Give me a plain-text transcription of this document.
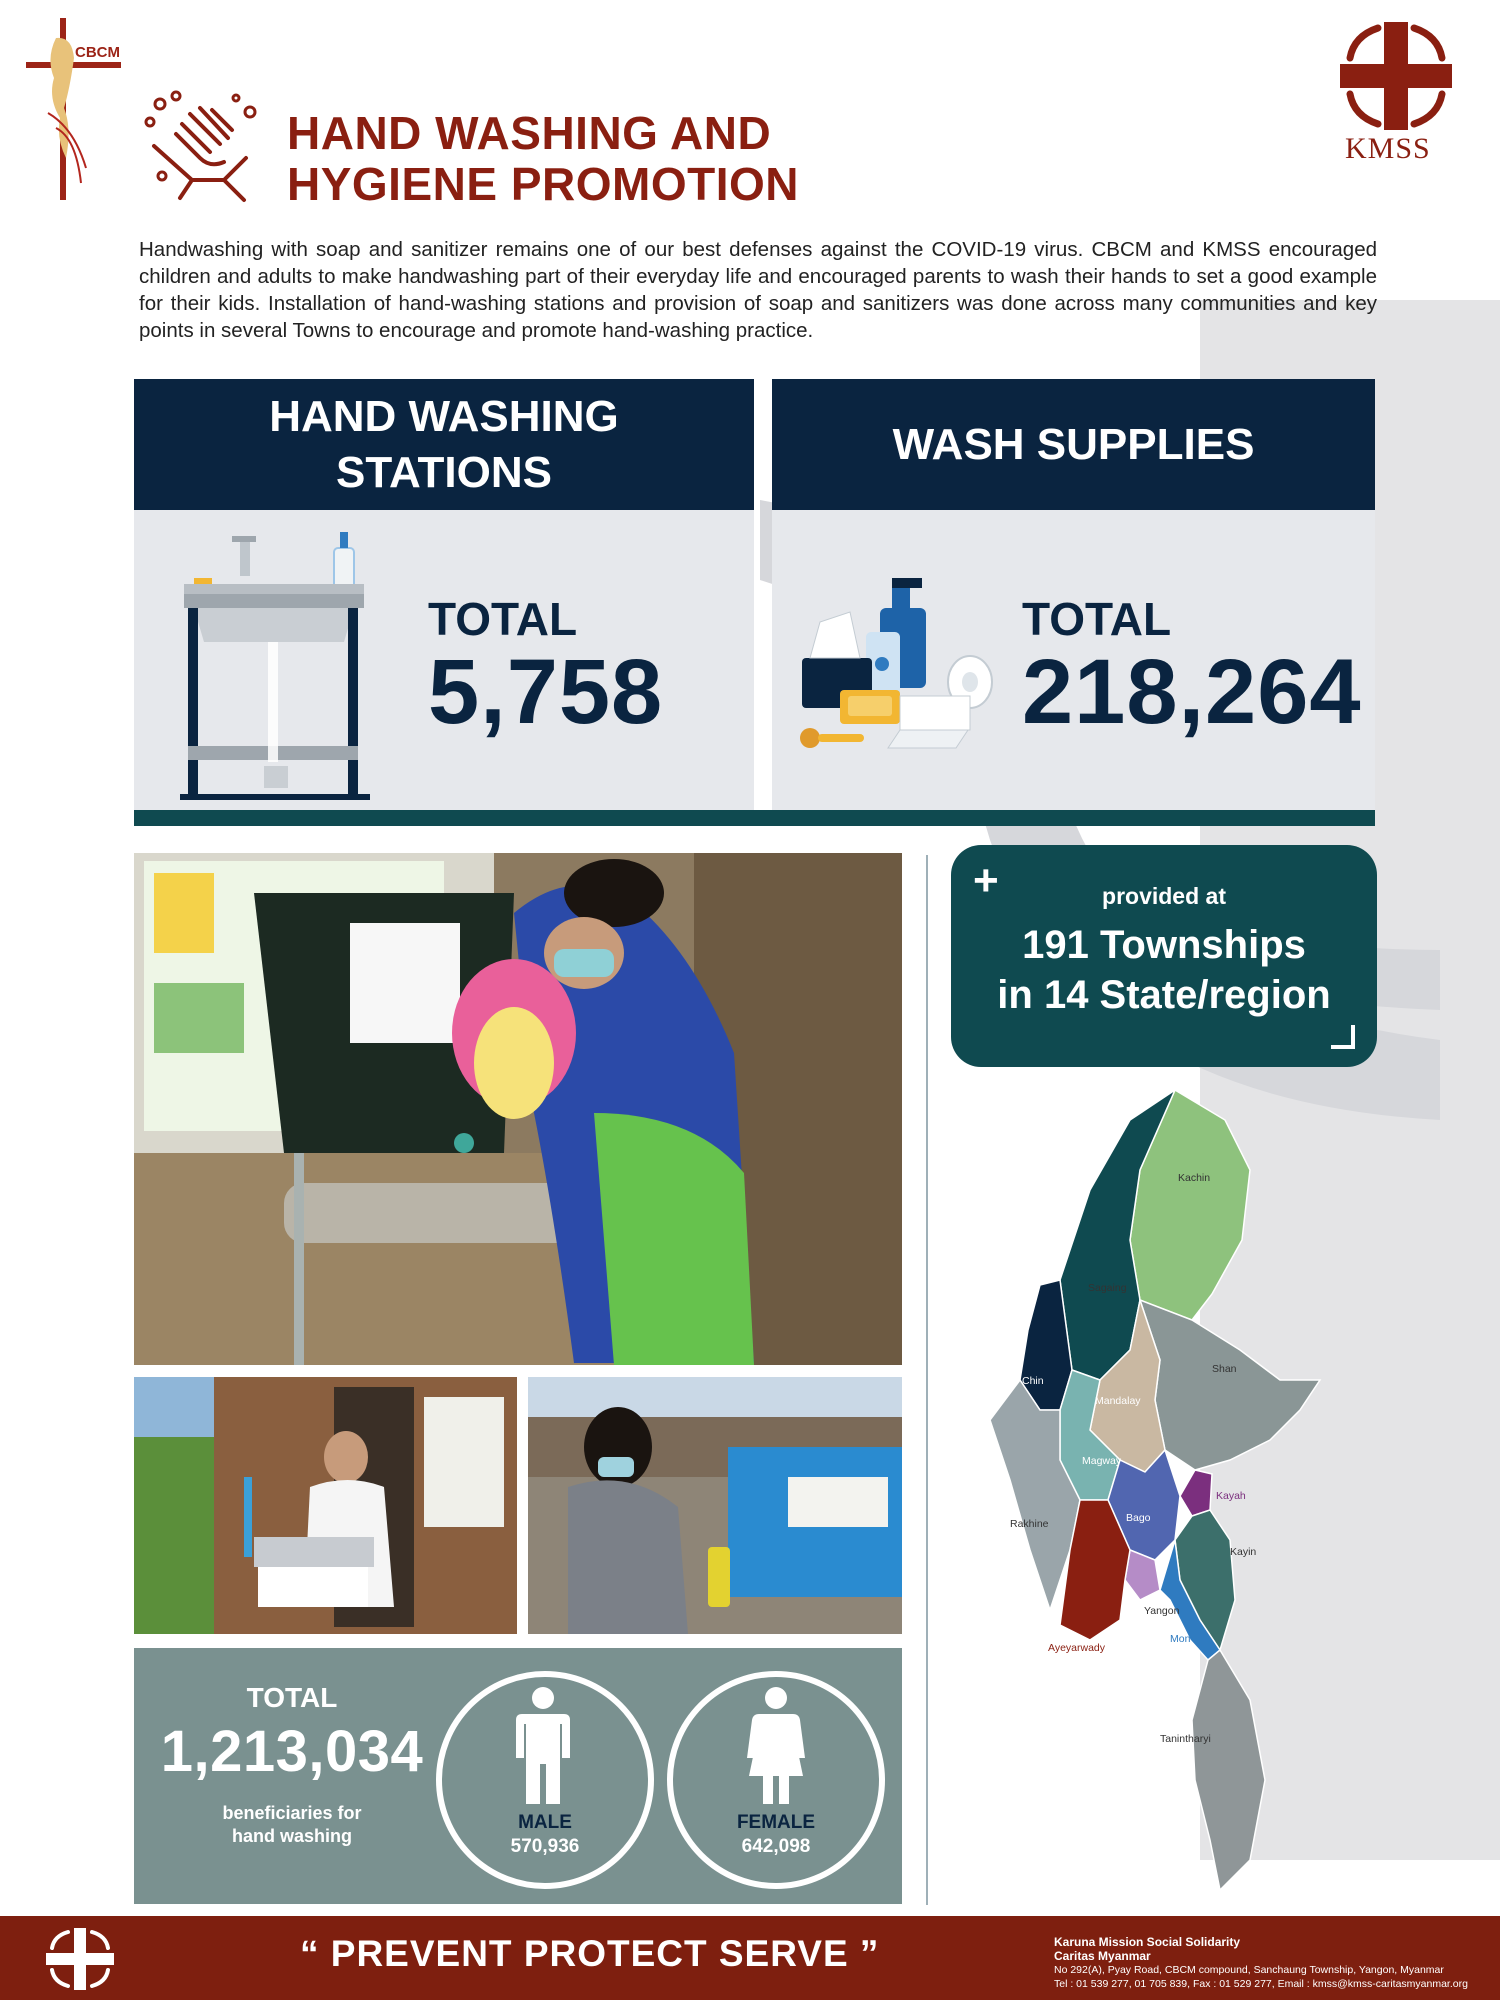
CBCM
KMSS
HAND WASHING AND
HYGIENE PROMOTION
Handwashing with soap and sanitizer remains one of our best defenses against the COVID-19 virus. CBCM and KMSS encouraged children and adults to make handwashing part of their everyday life and encouraged parents to wash their hands to set a good example for their kids. Installation of hand-washing stations and provision of soap and sanitizers was done across many communities and key points in several Towns to encourage and promote hand-washing practice.
HAND WASHING
STATIONS
TOTAL
5,758
WASH SUPPLIES
TOTAL
218,264
TOTAL
1,213,034
beneficiaries for
hand washing
MALE
570,936
FEMALE
642,098
+	provided at
191 Townships
in 14 State/region
Kachin
Sagaing
Chin
Shan
Mandalay
Magway
Kayah
Rakhine	Bago
Kayin
Yangon
Mon
Ayeyarwady
Tanintharyi
“ PREVENT PROTECT SERVE ”	Karuna Mission Social Solidarity
Caritas Myanmar
No 292(A), Pyay Road, CBCM compound, Sanchaung Township, Yangon, Myanmar
Tel : 01 539 277, 01 705 839, Fax : 01 529 277, Email : kmss@kmss-caritasmyanmar.org
